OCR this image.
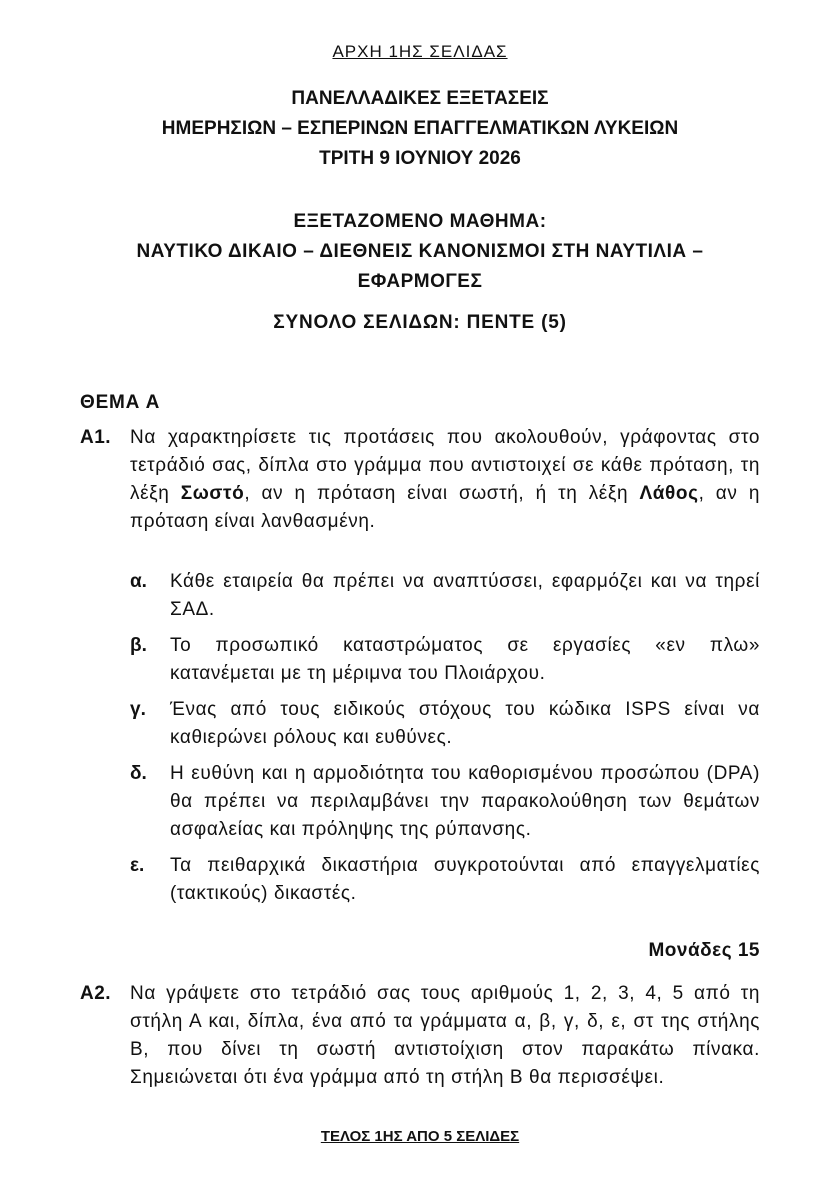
ΑΡΧΗ 1ΗΣ ΣΕΛΙΔΑΣ
ΠΑΝΕΛΛΑΔΙΚΕΣ ΕΞΕΤΑΣΕΙΣ
ΗΜΕΡΗΣΙΩΝ – ΕΣΠΕΡΙΝΩΝ ΕΠΑΓΓΕΛΜΑΤΙΚΩΝ ΛΥΚΕΙΩΝ
ΤΡΙΤΗ 9 ΙΟΥΝΙΟΥ 2026
ΕΞΕΤΑΖΟΜΕΝΟ ΜΑΘΗΜΑ:
ΝΑΥΤΙΚΟ ΔΙΚΑΙΟ – ΔΙΕΘΝΕΙΣ ΚΑΝΟΝΙΣΜΟΙ ΣΤΗ ΝΑΥΤΙΛΙΑ –
ΕΦΑΡΜΟΓΕΣ
ΣΥΝΟΛΟ ΣΕΛΙΔΩΝ: ΠΕΝΤΕ (5)
ΘΕΜΑ Α
Α1. Να χαρακτηρίσετε τις προτάσεις που ακολουθούν, γράφοντας στο τετράδιό σας, δίπλα στο γράμμα που αντιστοιχεί σε κάθε πρόταση, τη λέξη Σωστό, αν η πρόταση είναι σωστή, ή τη λέξη Λάθος, αν η πρόταση είναι λανθασμένη.
α. Κάθε εταιρεία θα πρέπει να αναπτύσσει, εφαρμόζει και να τηρεί ΣΑΔ.
β. Το προσωπικό καταστρώματος σε εργασίες «εν πλω» κατανέμεται με τη μέριμνα του Πλοιάρχου.
γ. Ένας από τους ειδικούς στόχους του κώδικα ISPS είναι να καθιερώνει ρόλους και ευθύνες.
δ. Η ευθύνη και η αρμοδιότητα του καθορισμένου προσώπου (DPA) θα πρέπει να περιλαμβάνει την παρακολούθηση των θεμάτων ασφαλείας και πρόληψης της ρύπανσης.
ε. Τα πειθαρχικά δικαστήρια συγκροτούνται από επαγγελματίες (τακτικούς) δικαστές.
Μονάδες 15
Α2. Να γράψετε στο τετράδιό σας τους αριθμούς 1, 2, 3, 4, 5 από τη στήλη Α και, δίπλα, ένα από τα γράμματα α, β, γ, δ, ε, στ της στήλης Β, που δίνει τη σωστή αντιστοίχιση στον παρακάτω πίνακα. Σημειώνεται ότι ένα γράμμα από τη στήλη Β θα περισσέψει.
ΤΕΛΟΣ 1ΗΣ ΑΠΟ 5 ΣΕΛΙΔΕΣ
